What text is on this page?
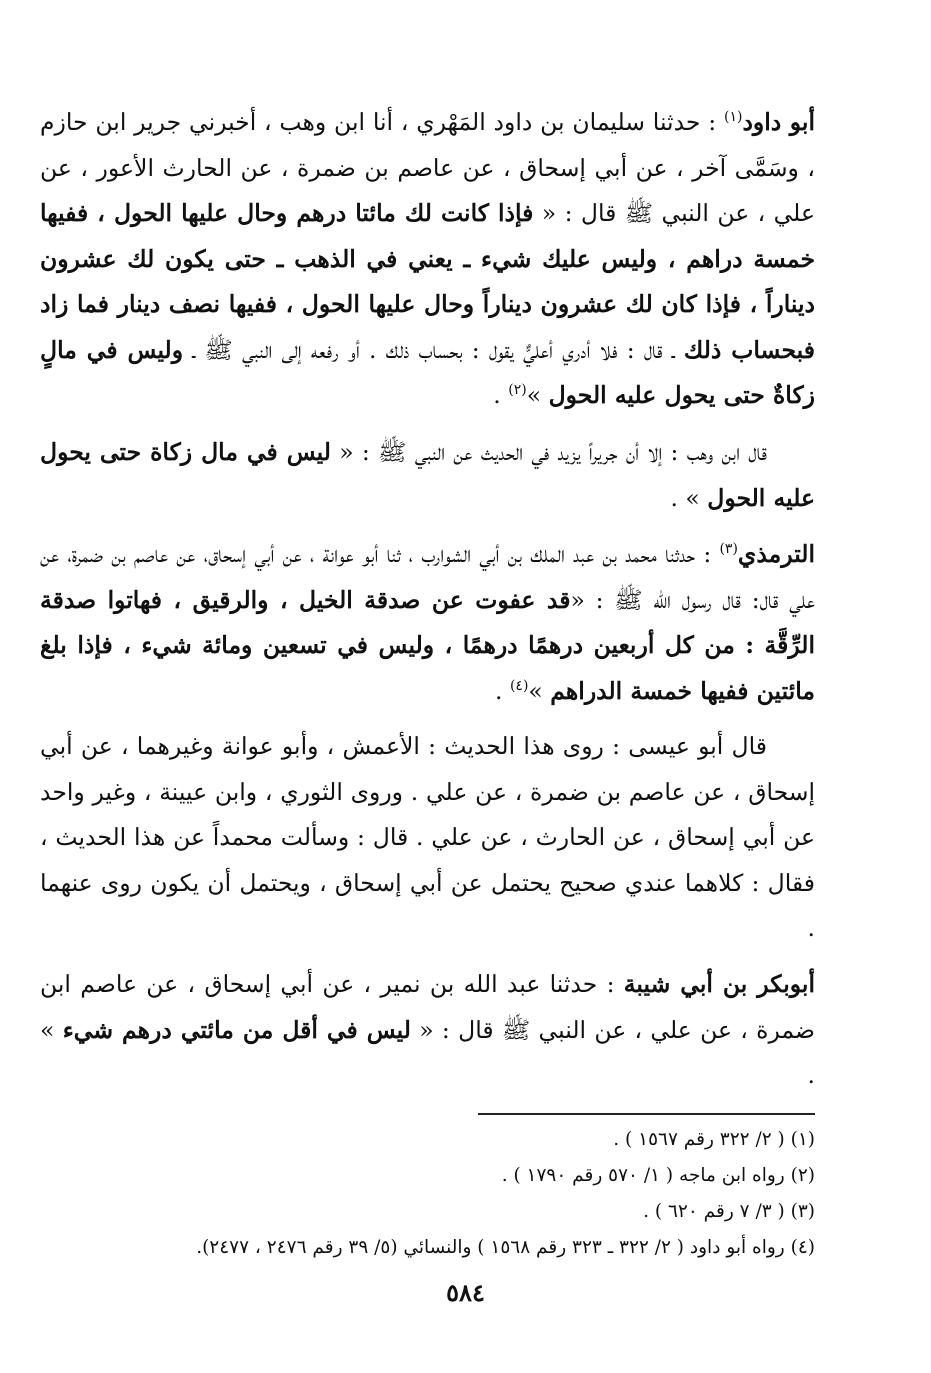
أبو داود$^{(١)}$ : حدثنا سليمان بن داود المَهْري ، أنا ابن وهب ، أخبرني جرير ابن حازم ، وسَمَّى آخر ، عن أبي إسحاق ، عن عاصم بن ضمرة ، عن الحارث الأعور ، عن علي ، عن النبي ﷺ قال : « فإذا كانت لك مائتا درهم وحال عليها الحول ، ففيها خمسة دراهم ، وليس عليك شيء ـ يعني في الذهب ـ حتى يكون لك عشرون ديناراً ، فإذا كان لك عشرون ديناراً وحال عليها الحول ، ففيها نصف دينار فما زاد فبحساب ذلك ـ قال : فلا أدري أعليٌّ يقول : بحساب ذلك . أو رفعه إلى النبي ﷺ ـ وليس في مالٍ زكاةٌ حتى يحول عليه الحول »$^{(٢)}$ .

قال ابن وهب : إلا أن جريراً يزيد في الحديث عن النبي ﷺ : « ليس في مال زكاة حتى يحول عليه الحول » .

الترمذي$^{(٣)}$ : حدثنا محمد بن عبد الملك بن أبي الشوارب ، ثنا أبو عوانة ، عن أبي إسحاق، عن عاصم بن ضمرة، عن علي قال: قال رسول الله ﷺ : «قد عفوت عن صدقة الخيل ، والرقيق ، فهاتوا صدقة الرِّقَّة : من كل أربعين درهمًا درهمًا ، وليس في تسعين ومائة شيء ، فإذا بلغ مائتين ففيها خمسة الدراهم »$^{(٤)}$ .

قال أبو عيسى : روى هذا الحديث : الأعمش ، وأبو عوانة وغيرهما ، عن أبي إسحاق ، عن عاصم بن ضمرة ، عن علي . وروى الثوري ، وابن عيينة ، وغير واحد عن أبي إسحاق ، عن الحارث ، عن علي . قال : وسألت محمداً عن هذا الحديث ، فقال : كلاهما عندي صحيح يحتمل عن أبي إسحاق ، ويحتمل أن يكون روى عنهما .

أبوبكر بن أبي شيبة : حدثنا عبد الله بن نمير ، عن أبي إسحاق ، عن عاصم ابن ضمرة ، عن علي ، عن النبي ﷺ قال : « ليس في أقل من مائتي درهم شيء » .

(١) ( ٢/ ٣٢٢ رقم ١٥٦٧ ) .
(٢) رواه ابن ماجه ( ١/ ٥٧٠ رقم ١٧٩٠ ) .
(٣) ( ٣/ ٧ رقم ٦٢٠ ) .
(٤) رواه أبو داود ( ٢/ ٣٢٢ ـ ٣٢٣ رقم ١٥٦٨ ) والنسائي (٥/ ٣٩ رقم ٢٤٧٦ ، ٢٤٧٧).
٥٨٤
